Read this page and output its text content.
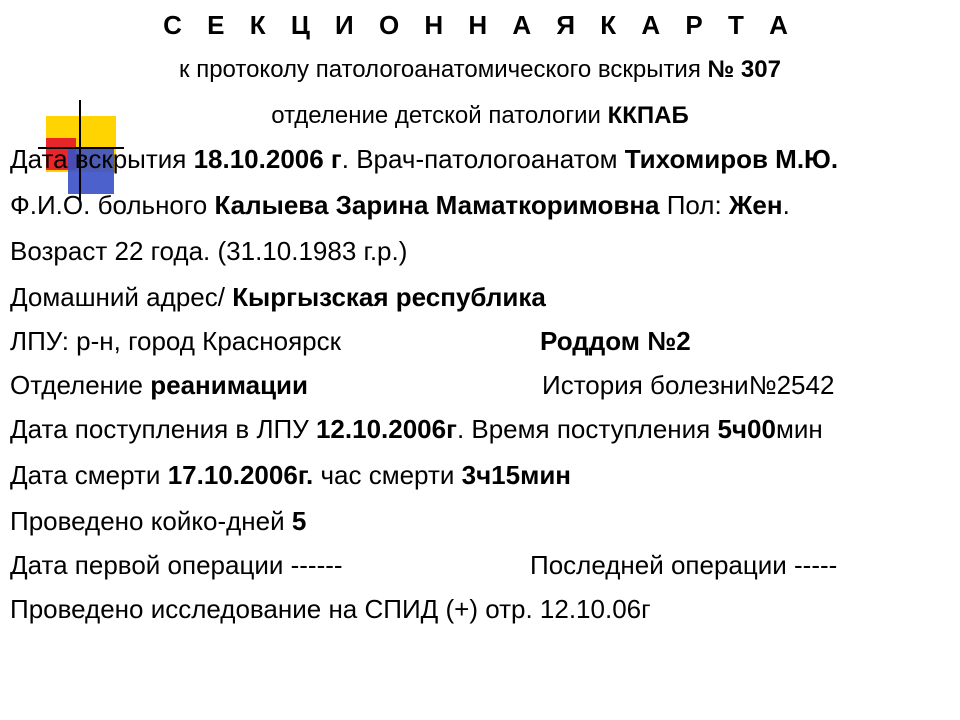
С Е К Ц И О Н Н А Я К А Р Т А
к протоколу патологоанатомического вскрытия № 307
отделение детской патологии ККПАБ
Дата вскрытия 18.10.2006 г. Врач-патологоанатом Тихомиров М.Ю.
Ф.И.О. больного Калыева Зарина Маматкоримовна Пол: Жен.
Возраст 22 года. (31.10.1983 г.р.)
Домашний адрес/ Кыргызская республика
ЛПУ: р-н, город Красноярск	Роддом №2
Отделение реанимации	История болезни№2542
Дата поступления в ЛПУ 12.10.2006г. Время поступления 5ч00мин
Дата смерти 17.10.2006г. час смерти 3ч15мин
Проведено койко-дней 5
Дата первой операции ------	Последней операции -----
Проведено исследование на СПИД (+) отр. 12.10.06г
